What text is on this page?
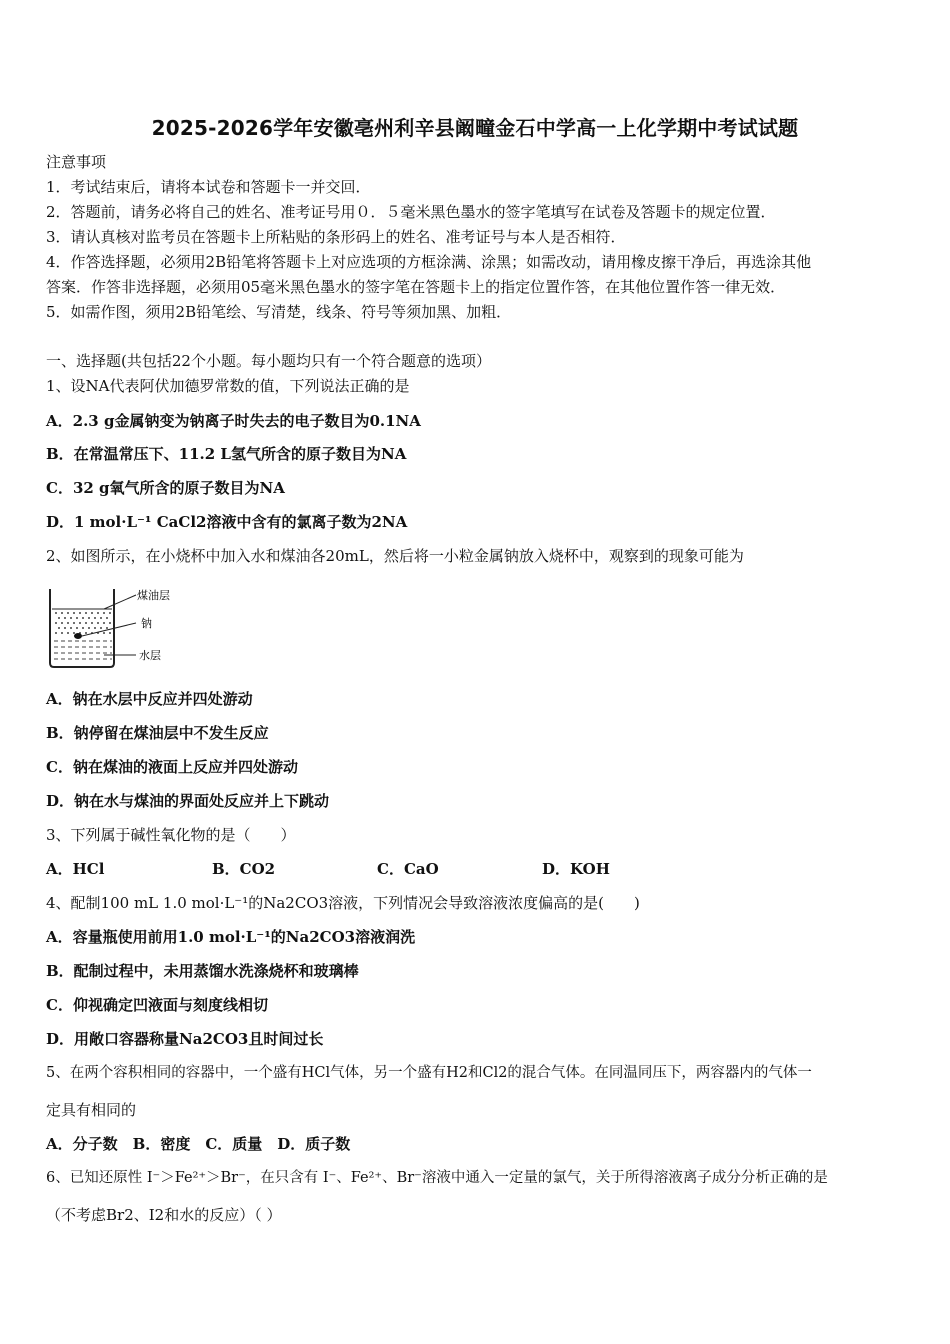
2025-2026学年安徽亳州利辛县阚疃金石中学高一上化学期中考试试题
注意事项
1．考试结束后，请将本试卷和答题卡一并交回．
2．答题前，请务必将自己的姓名、准考证号用０．５毫米黑色墨水的签字笔填写在试卷及答题卡的规定位置．
3．请认真核对监考员在答题卡上所粘贴的条形码上的姓名、准考证号与本人是否相符．
4．作答选择题，必须用2B铅笔将答题卡上对应选项的方框涂满、涂黑；如需改动，请用橡皮擦干净后，再选涂其他
答案．作答非选择题，必须用05毫米黑色墨水的签字笔在答题卡上的指定位置作答，在其他位置作答一律无效．
5．如需作图，须用2B铅笔绘、写清楚，线条、符号等须加黑、加粗．
一、选择题(共包括22个小题。每小题均只有一个符合题意的选项）
1、设NA代表阿伏加德罗常数的值，下列说法正确的是
A．2.3 g金属钠变为钠离子时失去的电子数目为0.1NA
B．在常温常压下、11.2 L氢气所含的原子数目为NA
C．32 g氧气所含的原子数目为NA
D．1 mol·L⁻¹ CaCl2溶液中含有的氯离子数为2NA
2、如图所示，在小烧杯中加入水和煤油各20mL，然后将一小粒金属钠放入烧杯中，观察到的现象可能为
煤油层
钠
水层
A．钠在水层中反应并四处游动
B．钠停留在煤油层中不发生反应
C．钠在煤油的液面上反应并四处游动
D．钠在水与煤油的界面处反应并上下跳动
3、下列属于碱性氧化物的是（　　）
A．HCl	B．CO2	C．CaO	D．KOH
4、配制100 mL 1.0 mol·L⁻¹的Na2CO3溶液，下列情况会导致溶液浓度偏高的是(　　)
A．容量瓶使用前用1.0 mol·L⁻¹的Na2CO3溶液润洗
B．配制过程中，未用蒸馏水洗涤烧杯和玻璃棒
C．仰视确定凹液面与刻度线相切
D．用敞口容器称量Na2CO3且时间过长
5、在两个容积相同的容器中，一个盛有HCl气体，另一个盛有H2和Cl2的混合气体。在同温同压下，两容器内的气体一
定具有相同的
A．分子数　B．密度　C．质量　D．质子数
6、已知还原性 I⁻＞Fe²⁺＞Br⁻，在只含有 I⁻、Fe²⁺、Br⁻溶液中通入一定量的氯气，关于所得溶液离子成分分析正确的是
（不考虑Br2、I2和水的反应）（ ）
